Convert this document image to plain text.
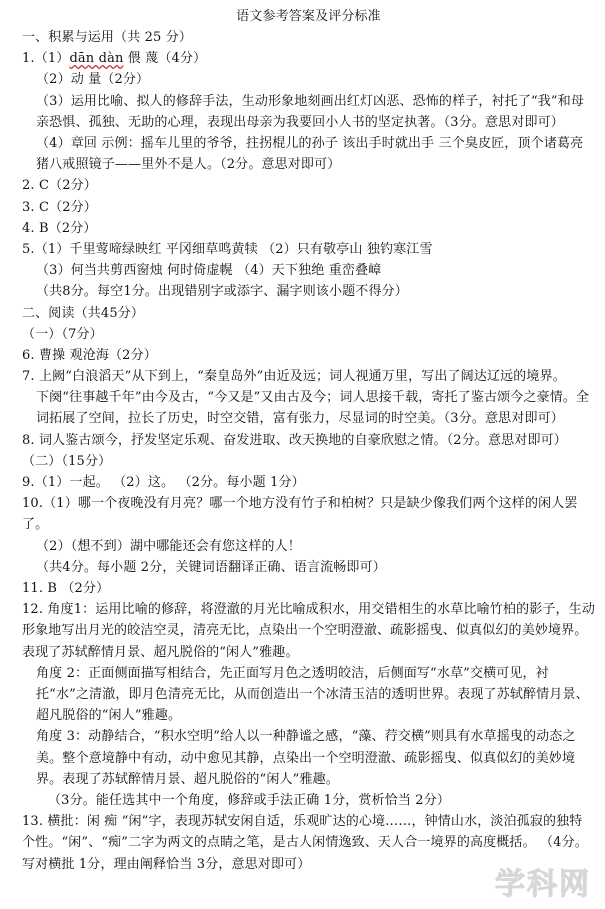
语文参考答案及评分标准
一、积累与运用（共 25 分）
1.（1）dān dàn 偎 蔑（4分）
（2）动 量（2分）
（3）运用比喻、拟人的修辞手法，生动形象地刻画出红灯凶恶、恐怖的样子，衬托了“我”和母亲恐惧、孤独、无助的心理，表现出母亲为我要回小人书的坚定执著。（3分。意思对即可）
（4）章回 示例：摇车儿里的爷爷，拄拐棍儿的孙子 该出手时就出手 三个臭皮匠，顶个诸葛亮 猪八戒照镜子——里外不是人。（2分。意思对即可）
2. C（2分）
3. C（2分）
4. B（2分）
5.（1）千里莺啼绿映红 平冈细草鸣黄犊 （2）只有敬亭山 独钓寒江雪
（3）何当共剪西窗烛 何时倚虚幌 （4）天下独绝 重峦叠嶂
（共8分。每空1分。出现错别字或添字、漏字则该小题不得分）
二、阅读（共45分）
（一）（7分）
6. 曹操 观沧海（2分）
7. 上阙“白浪滔天”从下到上，“秦皇岛外”由近及远；词人视通万里，写出了阔达辽远的境界。
下阕“往事越千年”由今及古，“今又是”又由古及今；词人思接千载，寄托了鉴古颂今之豪情。全词拓展了空间，拉长了历史，时空交错，富有张力，尽显词的时空美。（3分。意思对即可）
8. 词人鉴古颂今，抒发坚定乐观、奋发进取、改天换地的自豪欣慰之情。（2分。意思对即可）
（二）（15分）
9.（1）一起。 （2）这。 （2分。每小题 1分）
10.（1）哪一个夜晚没有月亮？哪一个地方没有竹子和柏树？只是缺少像我们两个这样的闲人罢了。
（2）（想不到）湖中哪能还会有您这样的人！
（共4分。每小题 2分，关键词语翻译正确、语言流畅即可）
11. B （2分）
12. 角度1：运用比喻的修辞，将澄澈的月光比喻成积水，用交错相生的水草比喻竹柏的影子，生动形象地写出月光的皎洁空灵，清亮无比，点染出一个空明澄澈、疏影摇曳、似真似幻的美妙境界。表现了苏轼醉情月景、超凡脱俗的“闲人”雅趣。
角度 2：正面侧面描写相结合，先正面写月色之透明皎洁，后侧面写“水草”交横可见，衬托“水”之清澈，即月色清亮无比，从而创造出一个冰清玉洁的透明世界。表现了苏轼醉情月景、超凡脱俗的“闲人”雅趣。
角度 3：动静结合，“积水空明”给人以一种静谧之感，“藻、荇交横”则具有水草摇曳的动态之美。整个意境静中有动，动中愈见其静，点染出一个空明澄澈、疏影摇曳、似真似幻的美妙境界。表现了苏轼醉情月景、超凡脱俗的“闲人”雅趣。
（3分。能任选其中一个角度，修辞或手法正确 1分，赏析恰当 2分）
13. 横批：闲 痴 “闲”字，表现苏轼安闲自适，乐观旷达的心境……，钟情山水，淡泊孤寂的独特个性。“闲”、“痴”二字为两文的点睛之笔，是古人闲情逸致、天人合一境界的高度概括。 （4分。写对横批 1分，理由阐释恰当 3分，意思对即可）
学科网
